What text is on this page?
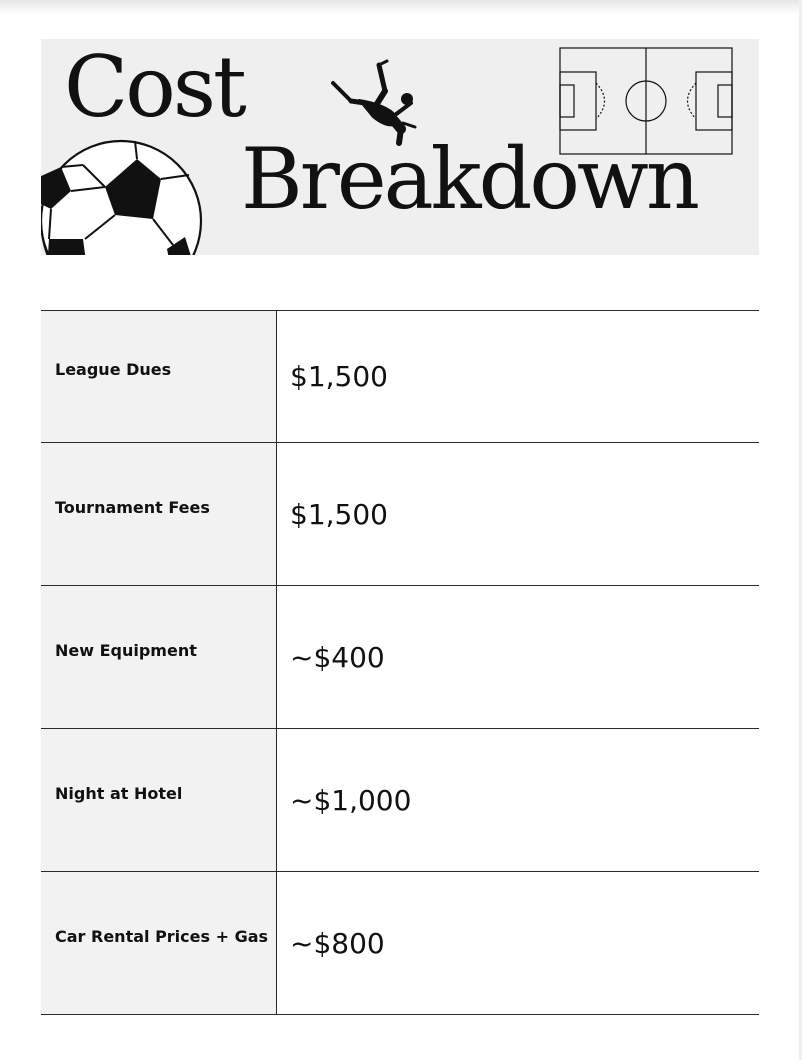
Cost
Breakdown
League Dues	$1,500
Tournament Fees	$1,500
New Equipment	~$400
Night at Hotel	~$1,000
Car Rental Prices + Gas ~$800
